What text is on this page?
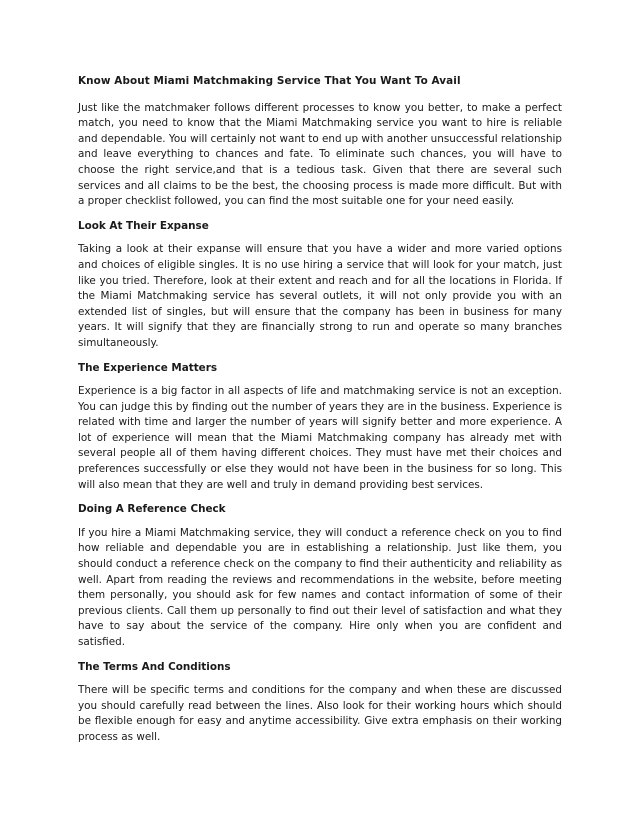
Know About Miami Matchmaking Service That You Want To Avail
Just like the matchmaker follows different processes to know you better, to make a perfect match, you need to know that the Miami Matchmaking service you want to hire is reliable and dependable. You will certainly not want to end up with another unsuccessful relationship and leave everything to chances and fate. To eliminate such chances, you will have to choose the right service,and that is a tedious task. Given that there are several such services and all claims to be the best, the choosing process is made more difficult. But with a proper checklist followed, you can find the most suitable one for your need easily.
Look At Their Expanse
Taking a look at their expanse will ensure that you have a wider and more varied options and choices of eligible singles. It is no use hiring a service that will look for your match, just like you tried. Therefore, look at their extent and reach and for all the locations in Florida. If the Miami Matchmaking service has several outlets, it will not only provide you with an extended list of singles, but will ensure that the company has been in business for many years. It will signify that they are financially strong to run and operate so many branches simultaneously.
The Experience Matters
Experience is a big factor in all aspects of life and matchmaking service is not an exception. You can judge this by finding out the number of years they are in the business. Experience is related with time and larger the number of years will signify better and more experience. A lot of experience will mean that the Miami Matchmaking company has already met with several people all of them having different choices. They must have met their choices and preferences successfully or else they would not have been in the business for so long. This will also mean that they are well and truly in demand providing best services.
Doing A Reference Check
If you hire a Miami Matchmaking service, they will conduct a reference check on you to find how reliable and dependable you are in establishing a relationship. Just like them, you should conduct a reference check on the company to find their authenticity and reliability as well. Apart from reading the reviews and recommendations in the website, before meeting them personally, you should ask for few names and contact information of some of their previous clients. Call them up personally to find out their level of satisfaction and what they have to say about the service of the company. Hire only when you are confident and satisfied.
The Terms And Conditions
There will be specific terms and conditions for the company and when these are discussed you should carefully read between the lines. Also look for their working hours which should be flexible enough for easy and anytime accessibility. Give extra emphasis on their working process as well.
